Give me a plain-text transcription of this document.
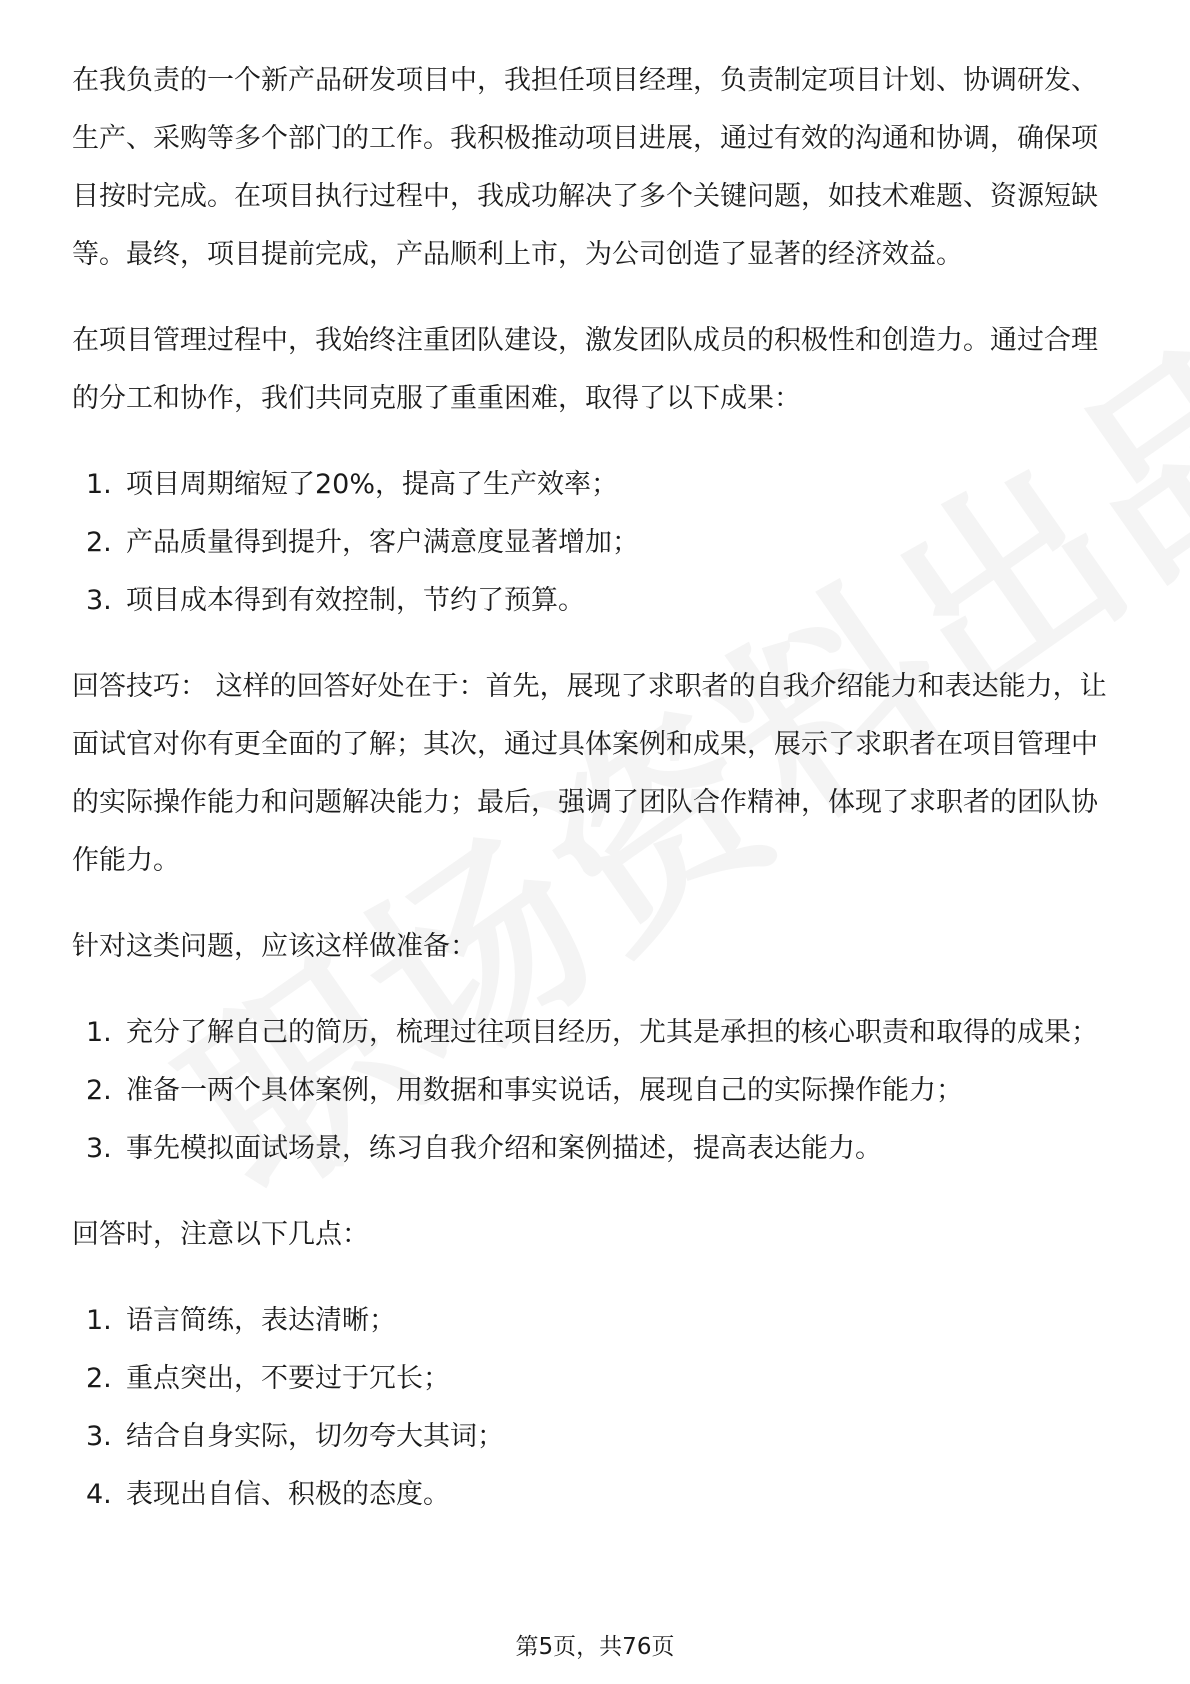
在我负责的一个新产品研发项目中，我担任项目经理，负责制定项目计划、协调研发、生产、采购等多个部门的工作。我积极推动项目进展，通过有效的沟通和协调，确保项目按时完成。在项目执行过程中，我成功解决了多个关键问题，如技术难题、资源短缺等。最终，项目提前完成，产品顺利上市，为公司创造了显著的经济效益。

在项目管理过程中，我始终注重团队建设，激发团队成员的积极性和创造力。通过合理的分工和协作，我们共同克服了重重困难，取得了以下成果：

1. 项目周期缩短了20%，提高了生产效率；
2. 产品质量得到提升，客户满意度显著增加；
3. 项目成本得到有效控制，节约了预算。

回答技巧： 这样的回答好处在于：首先，展现了求职者的自我介绍能力和表达能力，让面试官对你有更全面的了解；其次，通过具体案例和成果，展示了求职者在项目管理中的实际操作能力和问题解决能力；最后，强调了团队合作精神，体现了求职者的团队协作能力。

针对这类问题，应该这样做准备：

1. 充分了解自己的简历，梳理过往项目经历，尤其是承担的核心职责和取得的成果；
2. 准备一两个具体案例，用数据和事实说话，展现自己的实际操作能力；
3. 事先模拟面试场景，练习自我介绍和案例描述，提高表达能力。

回答时，注意以下几点：

1. 语言简练，表达清晰；
2. 重点突出，不要过于冗长；
3. 结合自身实际，切勿夸大其词；
4. 表现出自信、积极的态度。
第5页，共76页
